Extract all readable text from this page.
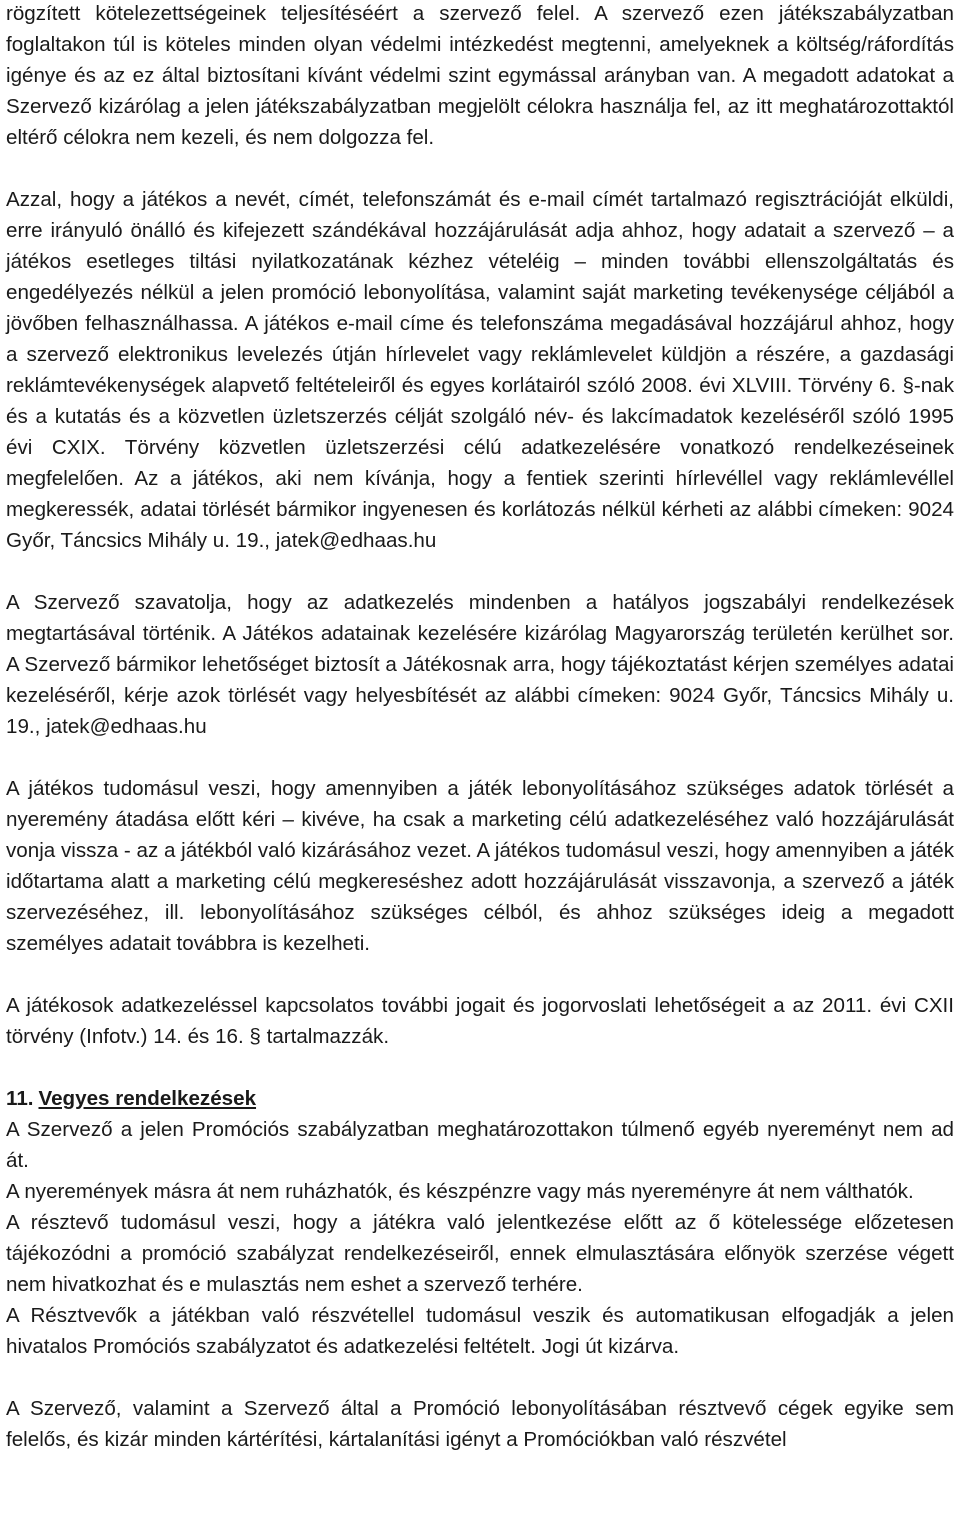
rögzített kötelezettségeinek teljesítéséért a szervező felel. A szervező ezen játékszabályzatban foglaltakon túl is köteles minden olyan védelmi intézkedést megtenni, amelyeknek a költség/ráfordítás igénye és az ez által biztosítani kívánt védelmi szint egymással arányban van. A megadott adatokat a Szervező kizárólag a jelen játékszabályzatban megjelölt célokra használja fel, az itt meghatározottaktól eltérő célokra nem kezeli, és nem dolgozza fel.

Azzal, hogy a játékos a nevét, címét, telefonszámát és e-mail címét tartalmazó regisztrációját elküldi, erre irányuló önálló és kifejezett szándékával hozzájárulását adja ahhoz, hogy adatait a szervező – a játékos esetleges tiltási nyilatkozatának kézhez vételéig – minden további ellenszolgáltatás és engedélyezés nélkül a jelen promóció lebonyolítása, valamint saját marketing tevékenysége céljából a jövőben felhasználhassa. A játékos e-mail címe és telefonszáma megadásával hozzájárul ahhoz, hogy a szervező elektronikus levelezés útján hírlevelet vagy reklámlevelet küldjön a részére, a gazdasági reklámtevékenységek alapvető feltételeiről és egyes korlátairól szóló 2008. évi XLVIII. Törvény 6. §-nak és a kutatás és a közvetlen üzletszerzés célját szolgáló név- és lakcímadatok kezeléséről szóló 1995 évi CXIX. Törvény közvetlen üzletszerzési célú adatkezelésére vonatkozó rendelkezéseinek megfelelően. Az a játékos, aki nem kívánja, hogy a fentiek szerinti hírlevéllel vagy reklámlevéllel megkeressék, adatai törlését bármikor ingyenesen és korlátozás nélkül kérheti az alábbi címeken: 9024 Győr, Táncsics Mihály u. 19., jatek@edhaas.hu

A Szervező szavatolja, hogy az adatkezelés mindenben a hatályos jogszabályi rendelkezések megtartásával történik. A Játékos adatainak kezelésére kizárólag Magyarország területén kerülhet sor. A Szervező bármikor lehetőséget biztosít a Játékosnak arra, hogy tájékoztatást kérjen személyes adatai kezeléséről, kérje azok törlését vagy helyesbítését az alábbi címeken: 9024 Győr, Táncsics Mihály u. 19., jatek@edhaas.hu

A játékos tudomásul veszi, hogy amennyiben a játék lebonyolításához szükséges adatok törlését a nyeremény átadása előtt kéri – kivéve, ha csak a marketing célú adatkezeléséhez való hozzájárulását vonja vissza - az a játékból való kizárásához vezet. A játékos tudomásul veszi, hogy amennyiben a játék időtartama alatt a marketing célú megkereséshez adott hozzájárulását visszavonja, a szervező a játék szervezéséhez, ill. lebonyolításához szükséges célból, és ahhoz szükséges ideig a megadott személyes adatait továbbra is kezelheti.

A játékosok adatkezeléssel kapcsolatos további jogait és jogorvoslati lehetőségeit a az 2011. évi CXII törvény (Infotv.) 14. és 16. § tartalmazzák.

11. Vegyes rendelkezések

A Szervező a jelen Promóciós szabályzatban meghatározottakon túlmenő egyéb nyereményt nem ad át.

A nyeremények másra át nem ruházhatók, és készpénzre vagy más nyereményre át nem válthatók.

A résztevő tudomásul veszi, hogy a játékra való jelentkezése előtt az ő kötelessége előzetesen tájékozódni a promóció szabályzat rendelkezéseiről, ennek elmulasztására előnyök szerzése végett nem hivatkozhat és e mulasztás nem eshet a szervező terhére.

A Résztvevők a játékban való részvétellel tudomásul veszik és automatikusan elfogadják a jelen hivatalos Promóciós szabályzatot és adatkezelési feltételt. Jogi út kizárva.

A Szervező, valamint a Szervező által a Promóció lebonyolításában résztvevő cégek egyike sem felelős, és kizár minden kártérítési, kártalanítási igényt a Promóciókban való részvétel
